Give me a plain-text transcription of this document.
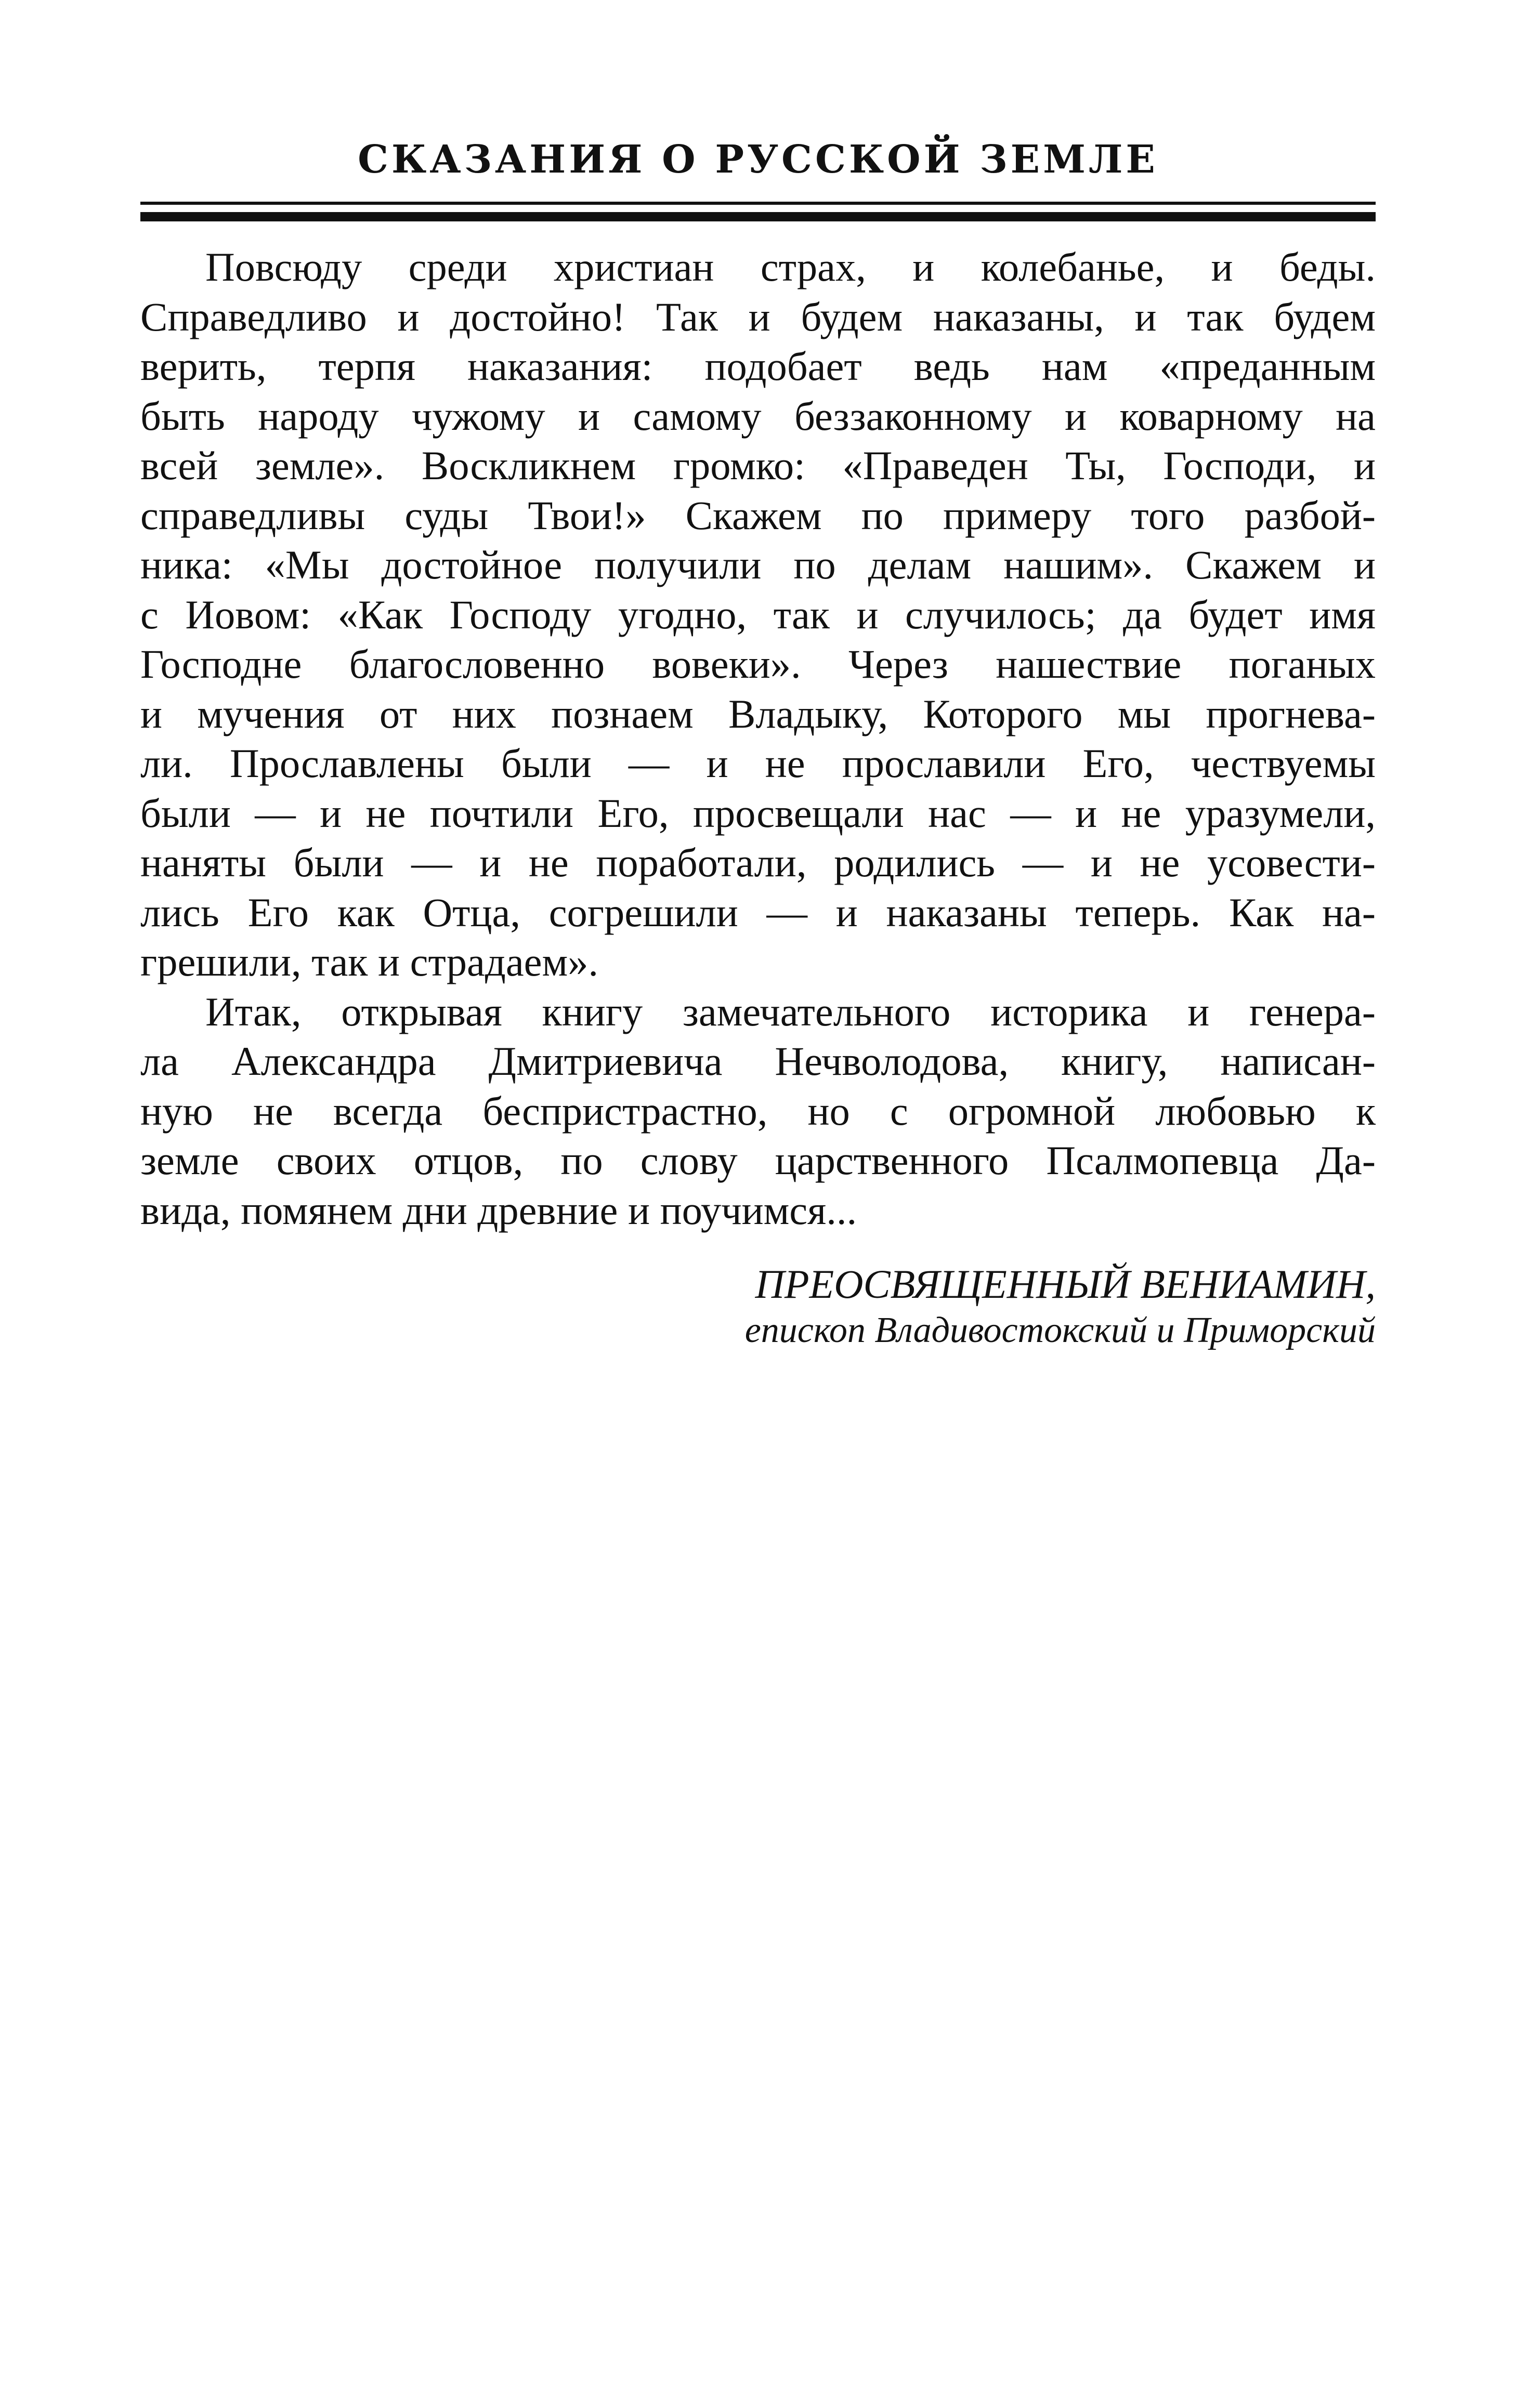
СКАЗАНИЯ О РУССКОЙ ЗЕМЛЕ
Повсюду среди христиан страх, и колебанье, и беды.
Справедливо и достойно! Так и будем наказаны, и так будем
верить, терпя наказания: подобает ведь нам «преданным
быть народу чужому и самому беззаконному и коварному на
всей земле». Воскликнем громко: «Праведен Ты, Господи, и
справедливы суды Твои!» Скажем по примеру того разбой-
ника: «Мы достойное получили по делам нашим». Скажем и
с Иовом: «Как Господу угодно, так и случилось; да будет имя
Господне благословенно вовеки». Через нашествие поганых
и мучения от них познаем Владыку, Которого мы прогнева-
ли. Прославлены были — и не прославили Его, чествуемы
были — и не почтили Его, просвещали нас — и не уразумели,
наняты были — и не поработали, родились — и не усовести-
лись Его как Отца, согрешили — и наказаны теперь. Как на-
грешили, так и страдаем».
Итак, открывая книгу замечательного историка и генера-
ла Александра Дмитриевича Нечволодова, книгу, написан-
ную не всегда беспристрастно, но с огромной любовью к
земле своих отцов, по слову царственного Псалмопевца Да-
вида, помянем дни древние и поучимся...
ПРЕОСВЯЩЕННЫЙ ВЕНИАМИН,
епископ Владивостокский и Приморский
